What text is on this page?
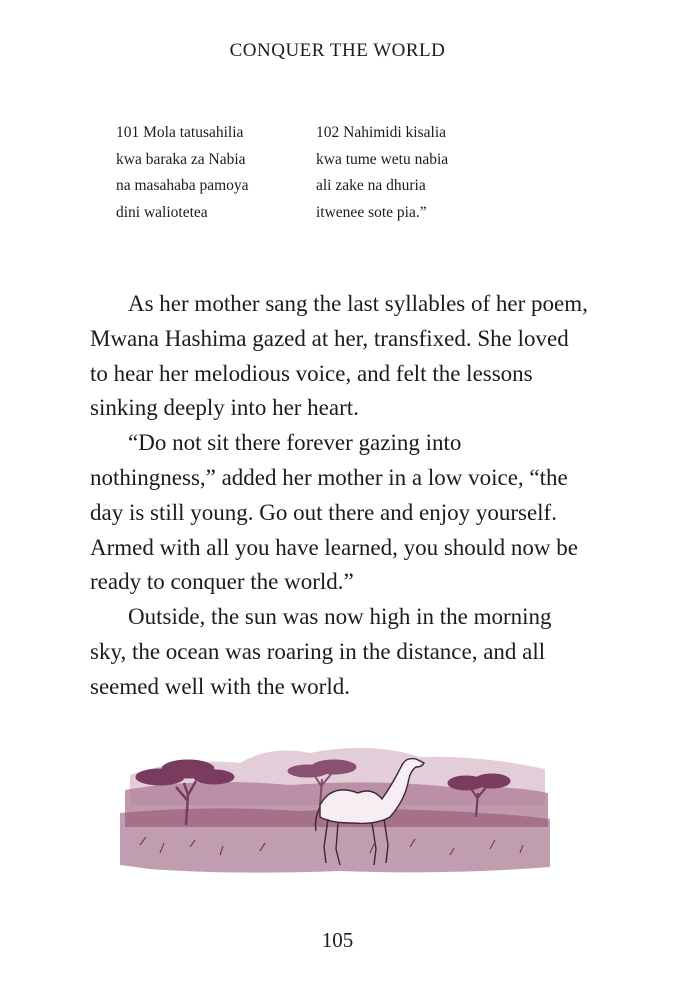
CONQUER THE WORLD
101 Mola tatusahilia
kwa baraka za Nabia
na masahaba pamoya
dini waliotetea
102 Nahimidi kisalia
kwa tume wetu nabia
ali zake na dhuria
itwenee sote pia.”

As her mother sang the last syllables of her poem, Mwana Hashima gazed at her, transfixed. She loved to hear her melodious voice, and felt the lessons sinking deeply into her heart.

“Do not sit there forever gazing into nothingness,” added her mother in a low voice, “the day is still young. Go out there and enjoy yourself. Armed with all you have learned, you should now be ready to conquer the world.”

Outside, the sun was now high in the morning sky, the ocean was roaring in the distance, and all seemed well with the world.

105
